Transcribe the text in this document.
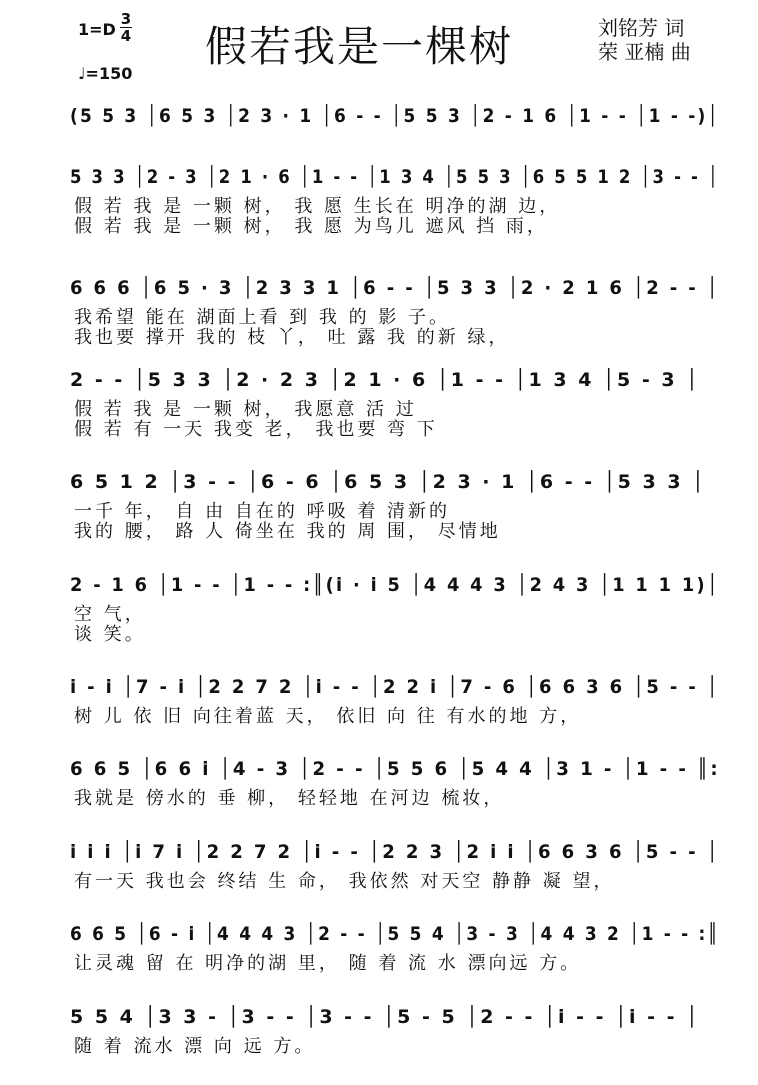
1=D
3
4
♩=150
假若我是一棵树	刘铭芳 词
荣 亚楠 曲
(5 5 3 │6 5 3 │2 3 · 1 │6 - - │5 5 3 │2 - 1 6 │1 - - │1 - -)│
5 3 3 │2 - 3 │2 1 · 6 │1 - - │1 3 4 │5 5 3 │6 5 5 1 2 │3 - - │
假 若 我 是 一颗 树， 我 愿 生长在 明净的湖 边，
假 若 我 是 一颗 树， 我 愿 为鸟儿 遮风 挡 雨，
6 6 6 │6 5 · 3 │2 3 3 1 │6 - - │5 3 3 │2 · 2 1 6 │2 - - │
我希望 能在 湖面上看 到 我 的 影 子。
我也要 撑开 我的 枝 丫， 吐 露 我 的新 绿，
2 - - │5 3 3 │2 · 2 3 │2 1 · 6 │1 - - │1 3 4 │5 - 3 │
假 若 我 是 一颗 树， 我愿意 活 过
假 若 有 一天 我变 老， 我也要 弯 下
6 5 1 2 │3 - - │6 - 6 │6 5 3 │2 3 · 1 │6 - - │5 3 3 │
一千 年， 自 由 自在的 呼吸 着 清新的
我的 腰， 路 人 倚坐在 我的 周 围， 尽情地
2 - 1 6 │1 - - │1 - - :║(i · i 5 │4 4 4 3 │2 4 3 │1 1 1 1)│
空 气，
谈 笑。
i - i │7 - i │2 2 7 2 │i - - │2 2 i │7 - 6 │6 6 3 6 │5 - - │
树 儿 依 旧 向往着蓝 天， 依旧 向 往 有水的地 方，
6 6 5 │6 6 i │4 - 3 │2 - - │5 5 6 │5 4 4 │3 1 - │1 - - ║:
我就是 傍水的 垂 柳， 轻轻地 在河边 梳妆，
i i i │i 7 i │2 2 7 2 │i - - │2 2 3 │2 i i │6 6 3 6 │5 - - │
有一天 我也会 终结 生 命， 我依然 对天空 静静 凝 望，
6 6 5 │6 - i │4 4 4 3 │2 - - │5 5 4 │3 - 3 │4 4 3 2 │1 - - :║
让灵魂 留 在 明净的湖 里， 随 着 流 水 漂向远 方。
5 5 4 │3 3 - │3 - - │3 - - │5 - 5 │2 - - │i - - │i - - │
随 着 流水 漂 向 远 方。
